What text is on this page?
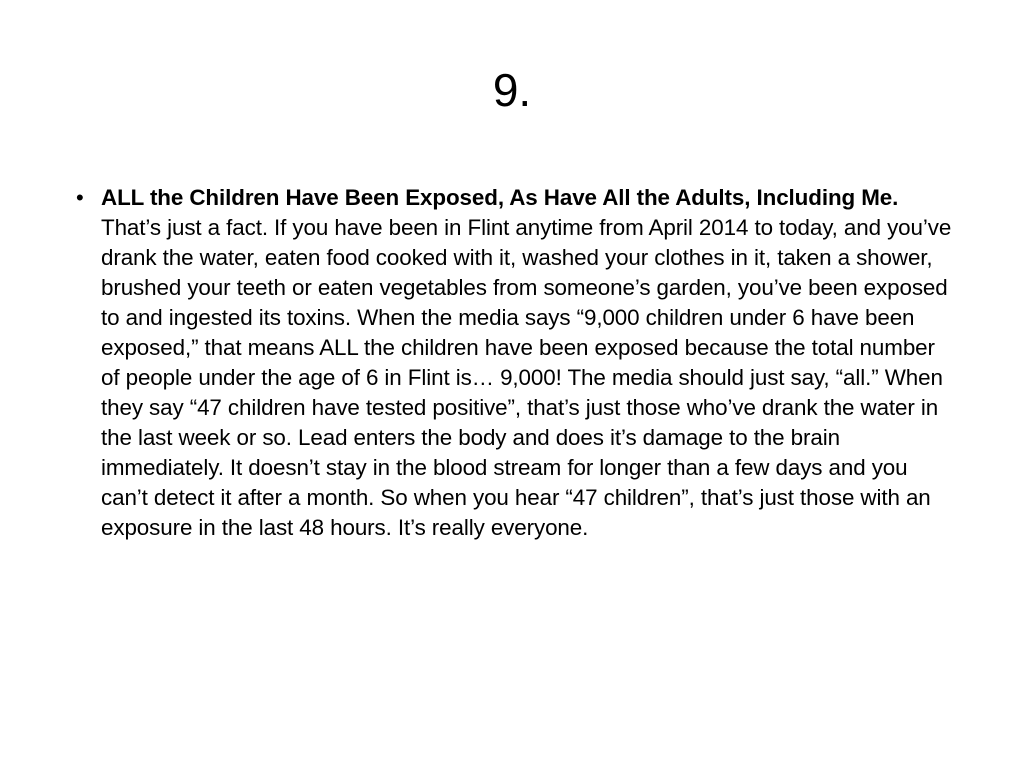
9.
• ALL the Children Have Been Exposed, As Have All the Adults, Including Me. That’s just a fact. If you have been in Flint anytime from April 2014 to today, and you’ve drank the water, eaten food cooked with it, washed your clothes in it, taken a shower, brushed your teeth or eaten vegetables from someone’s garden, you’ve been exposed to and ingested its toxins. When the media says “9,000 children under 6 have been exposed,” that means ALL the children have been exposed because the total number of people under the age of 6 in Flint is… 9,000! The media should just say, “all.” When they say “47 children have tested positive”, that’s just those who’ve drank the water in the last week or so. Lead enters the body and does it’s damage to the brain immediately. It doesn’t stay in the blood stream for longer than a few days and you can’t detect it after a month. So when you hear “47 children”, that’s just those with an exposure in the last 48 hours. It’s really everyone.
